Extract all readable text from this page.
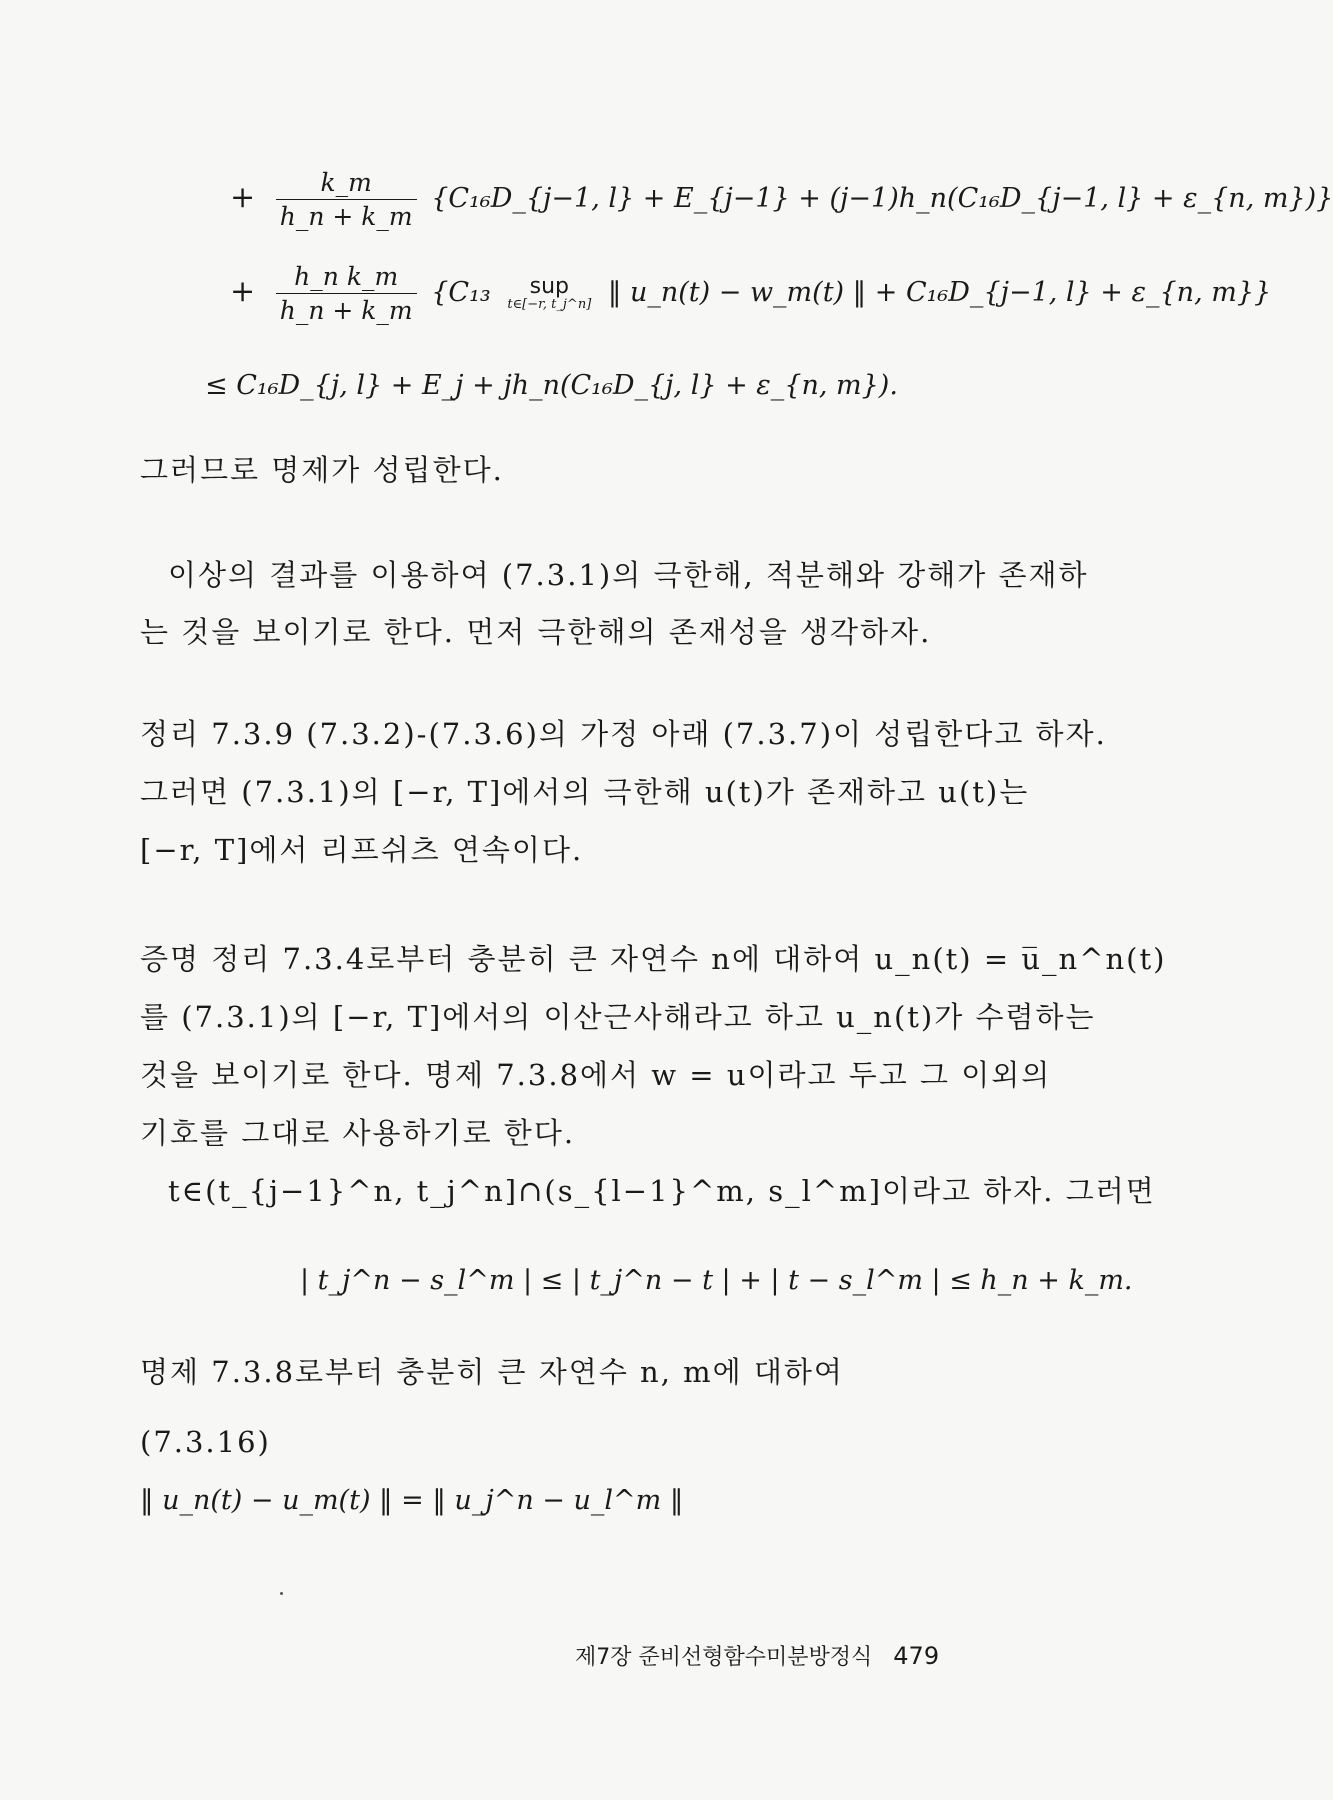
+ $\frac{k\_m}{h\_n + k\_m}$ {C₁₆D_{j−1, l} + E_{j−1} + (j−1)h_n(C₁₆D_{j−1, l} + ε_{n, m})}
+ $\frac{\text{h\_n k\_m}}{h\_n + k\_m} \{C_{13}$ sup
t∈[−r, t_j^n] ‖ u_n(t) − w_m(t) ‖ + C₁₆D_{j−1, l} + ε_{n, m}}
≤ C₁₆D_{j, l} + E_j + jh_n(C₁₆D_{j, l} + ε_{n, m}).
그러므로 명제가 성립한다.
이상의 결과를 이용하여 (7.3.1)의 극한해, 적분해와 강해가 존재하
는 것을 보이기로 한다. 먼저 극한해의 존재성을 생각하자.
정리 7.3.9 (7.3.2)-(7.3.6)의 가정 아래 (7.3.7)이 성립한다고 하자.
그러면 (7.3.1)의 [−r, T]에서의 극한해 u(t)가 존재하고 u(t)는
[−r, T]에서 리프쉬츠 연속이다.
증명 정리 7.3.4로부터 충분히 큰 자연수 n에 대하여 u_n(t) = u̅_n^n(t)
를 (7.3.1)의 [−r, T]에서의 이산근사해라고 하고 u_n(t)가 수렴하는
것을 보이기로 한다. 명제 7.3.8에서 w = u이라고 두고 그 이외의
기호를 그대로 사용하기로 한다.
t∈(t_{j−1}^n, t_j^n]∩(s_{l−1}^m, s_l^m]이라고 하자. 그러면
| t_j^n − s_l^m | ≤ | t_j^n − t | + | t − s_l^m | ≤ h_n + k_m.
명제 7.3.8로부터 충분히 큰 자연수 n, m에 대하여
(7.3.16)
‖ u_n(t) − u_m(t) ‖ = ‖ u_j^n − u_l^m ‖
제7장 준비선형함수미분방정식 479
